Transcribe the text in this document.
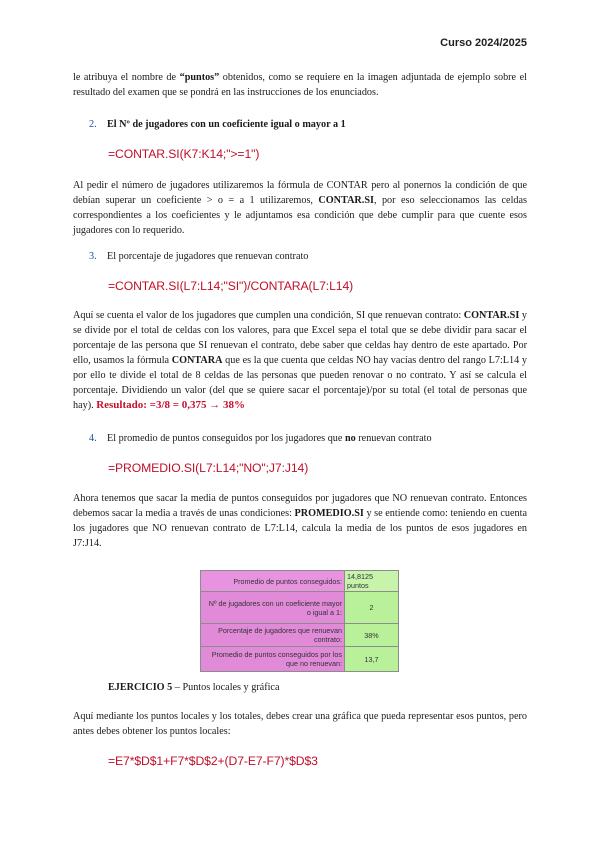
Curso 2024/2025

le atribuya el nombre de “puntos” obtenidos, como se requiere en la imagen adjuntada de ejemplo sobre el resultado del examen que se pondrá en las instrucciones de los enunciados.

2. El Nº de jugadores con un coeficiente igual o mayor a 1

=CONTAR.SI(K7:K14;">=1")

Al pedir el número de jugadores utilizaremos la fórmula de CONTAR pero al ponernos la condición de que debían superar un coeficiente > o = a 1 utilizaremos, CONTAR.SI, por eso seleccionamos las celdas correspondientes a los coeficientes y le adjuntamos esa condición que debe cumplir para que cuente esos jugadores con lo requerido.

3. El porcentaje de jugadores que renuevan contrato

=CONTAR.SI(L7:L14;"SI")/CONTARA(L7:L14)

Aquí se cuenta el valor de los jugadores que cumplen una condición, SI que renuevan contrato: CONTAR.SI y se divide por el total de celdas con los valores, para que Excel sepa el total que se debe dividir para sacar el porcentaje de las persona que SI renuevan el contrato, debe saber que celdas hay dentro de este apartado. Por ello, usamos la fórmula CONTARA que es la que cuenta que celdas NO hay vacías dentro del rango L7:L14 y por ello te divide el total de 8 celdas de las personas que pueden renovar o no contrato. Y así se calcula el porcentaje. Dividiendo un valor (del que se quiere sacar el porcentaje)/por su total (el total de personas que hay). Resultado: =3/8 = 0,375 → 38%

4. El promedio de puntos conseguidos por los jugadores que no renuevan contrato

=PROMEDIO.SI(L7:L14;"NO";J7:J14)

Ahora tenemos que sacar la media de puntos conseguidos por jugadores que NO renuevan contrato. Entonces debemos sacar la media a través de unas condiciones: PROMEDIO.SI y se entiende como: teniendo en cuenta los jugadores que NO renuevan contrato de L7:L14, calcula la media de los puntos de esos jugadores en J7:J14.

Promedio de puntos conseguidos:	14,8125 puntos
Nº de jugadores con un coeficiente mayor o igual a 1:	2
Porcentaje de jugadores que renuevan contrato:	38%
Promedio de puntos conseguidos por los que no renuevan:	13,7

EJERCICIO 5 – Puntos locales y gráfica

Aquí mediante los puntos locales y los totales, debes crear una gráfica que pueda representar esos puntos, pero antes debes obtener los puntos locales:

=E7*$D$1+F7*$D$2+(D7-E7-F7)*$D$3
